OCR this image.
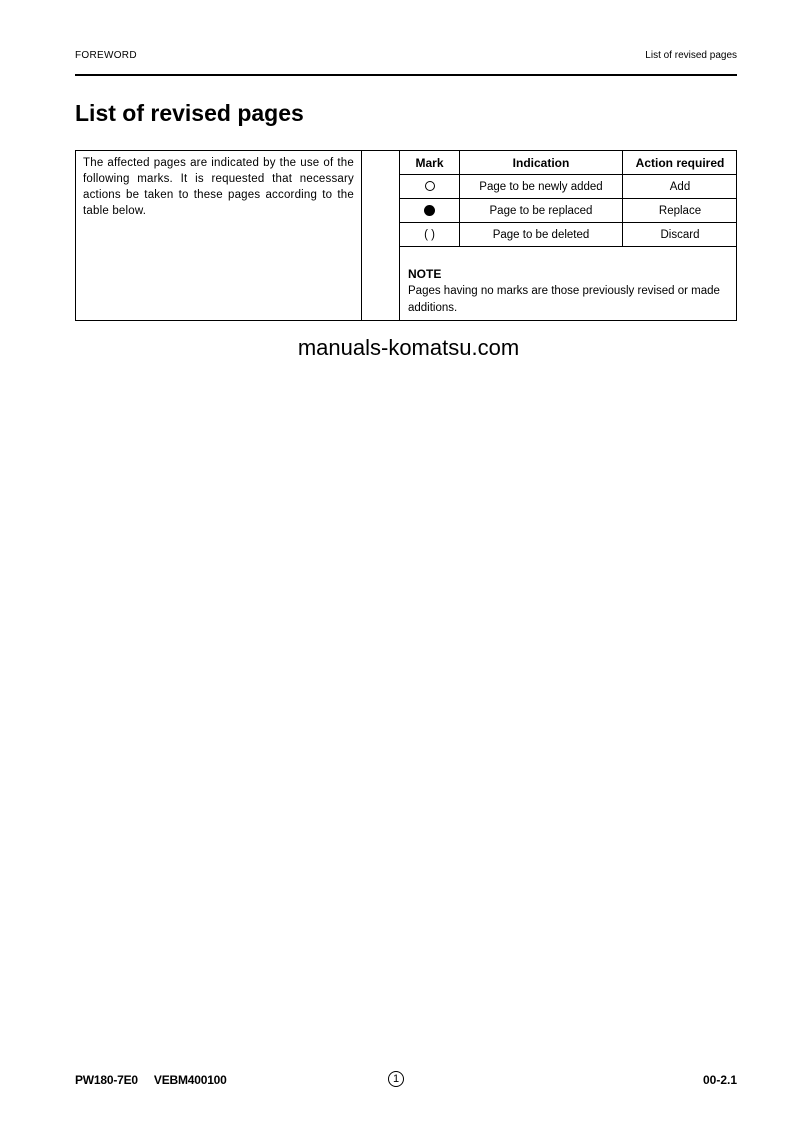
FOREWORD	List of revised pages
List of revised pages
The affected pages are indicated by the use of the following marks. It is requested that necessary actions be taken to these pages according to the table below.
Mark	Indication	Action required
	Page to be newly added	Add
	Page to be replaced	Replace
( )	Page to be deleted	Discard
NOTE
Pages having no marks are those previously revised or made additions.
manuals-komatsu.com
PW180-7E0 VEBM400100	1	00-2.1
